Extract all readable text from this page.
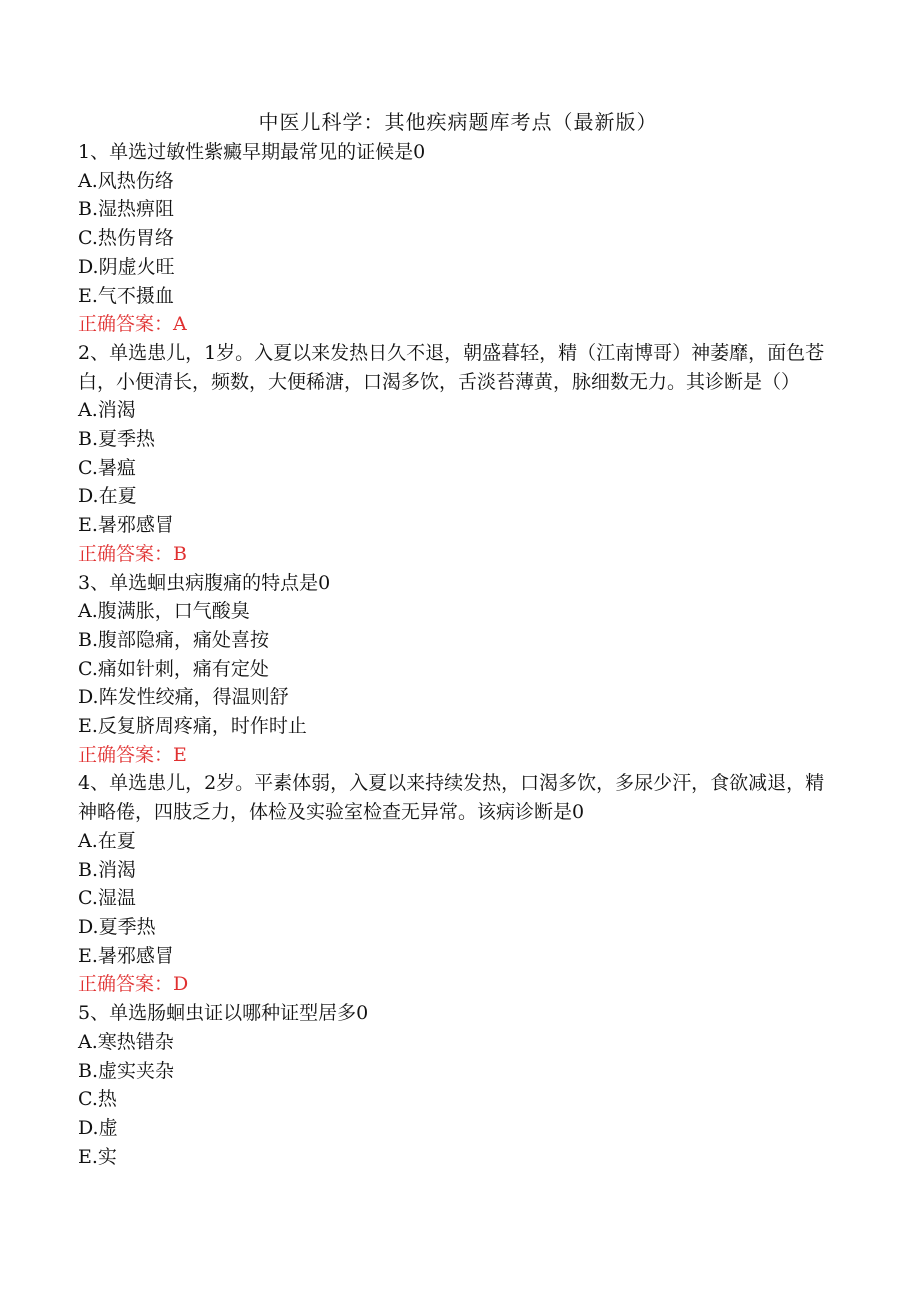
中医儿科学：其他疾病题库考点（最新版）

1、单选过敏性紫癜早期最常见的证候是0

A.风热伤络

B.湿热痹阻

C.热伤胃络

D.阴虚火旺

E.气不摄血

正确答案：A

2、单选患儿，1岁。入夏以来发热日久不退，朝盛暮轻，精（江南博哥）神萎靡，面色苍白，小便清长，频数，大便稀溏，口渴多饮，舌淡苔薄黄，脉细数无力。其诊断是（）

A.消渴

B.夏季热

C.暑瘟

D.在夏

E.暑邪感冒

正确答案：B

3、单选蛔虫病腹痛的特点是0

A.腹满胀，口气酸臭

B.腹部隐痛，痛处喜按

C.痛如针刺，痛有定处

D.阵发性绞痛，得温则舒

E.反复脐周疼痛，时作时止

正确答案：E

4、单选患儿，2岁。平素体弱，入夏以来持续发热，口渴多饮，多尿少汗，食欲减退，精神略倦，四肢乏力，体检及实验室检查无异常。该病诊断是0

A.在夏

B.消渴

C.湿温

D.夏季热

E.暑邪感冒

正确答案：D

5、单选肠蛔虫证以哪种证型居多0

A.寒热错杂

B.虚实夹杂

C.热

D.虚

E.实
